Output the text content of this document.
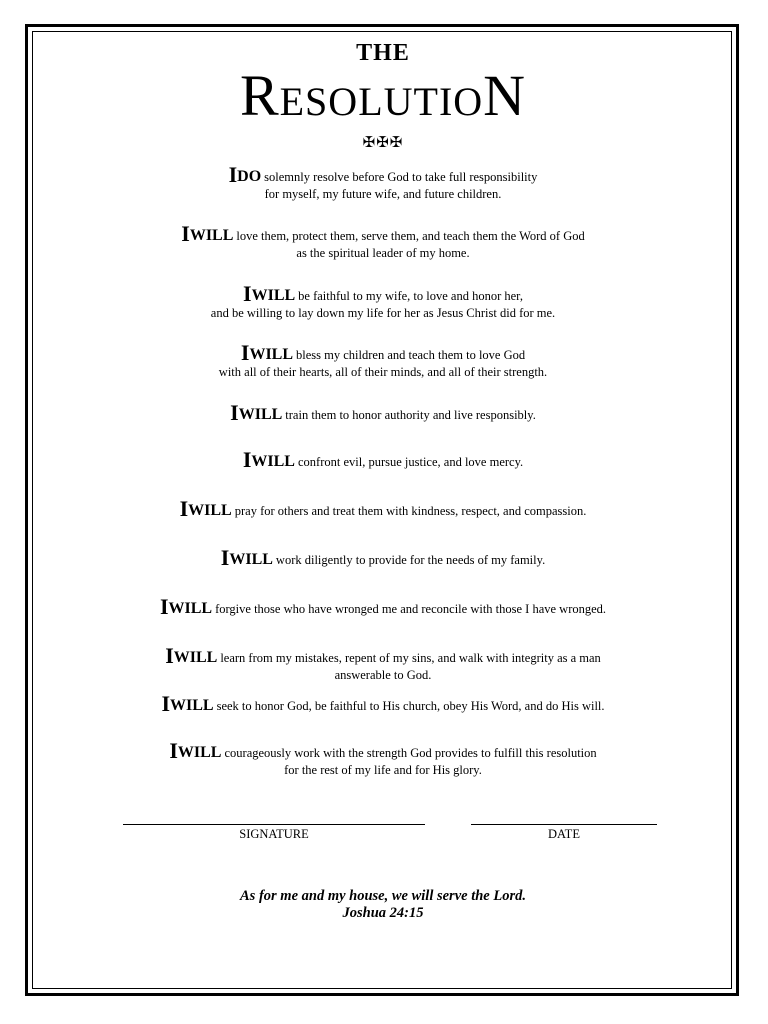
THE
RESOLUTION
✠✠✠
IDO solemnly resolve before God to take full responsibility
for myself, my future wife, and future children.
IWILL love them, protect them, serve them, and teach them the Word of God
as the spiritual leader of my home.
IWILL be faithful to my wife, to love and honor her,
and be willing to lay down my life for her as Jesus Christ did for me.
IWILL bless my children and teach them to love God
with all of their hearts, all of their minds, and all of their strength.
IWILL train them to honor authority and live responsibly.
IWILL confront evil, pursue justice, and love mercy.
IWILL pray for others and treat them with kindness, respect, and compassion.
IWILL work diligently to provide for the needs of my family.
IWILL forgive those who have wronged me and reconcile with those I have wronged.
IWILL learn from my mistakes, repent of my sins, and walk with integrity as a man
answerable to God.
IWILL seek to honor God, be faithful to His church, obey His Word, and do His will.
IWILL courageously work with the strength God provides to fulfill this resolution
for the rest of my life and for His glory.
SIGNATURE	DATE
As for me and my house, we will serve the Lord.
Joshua 24:15
